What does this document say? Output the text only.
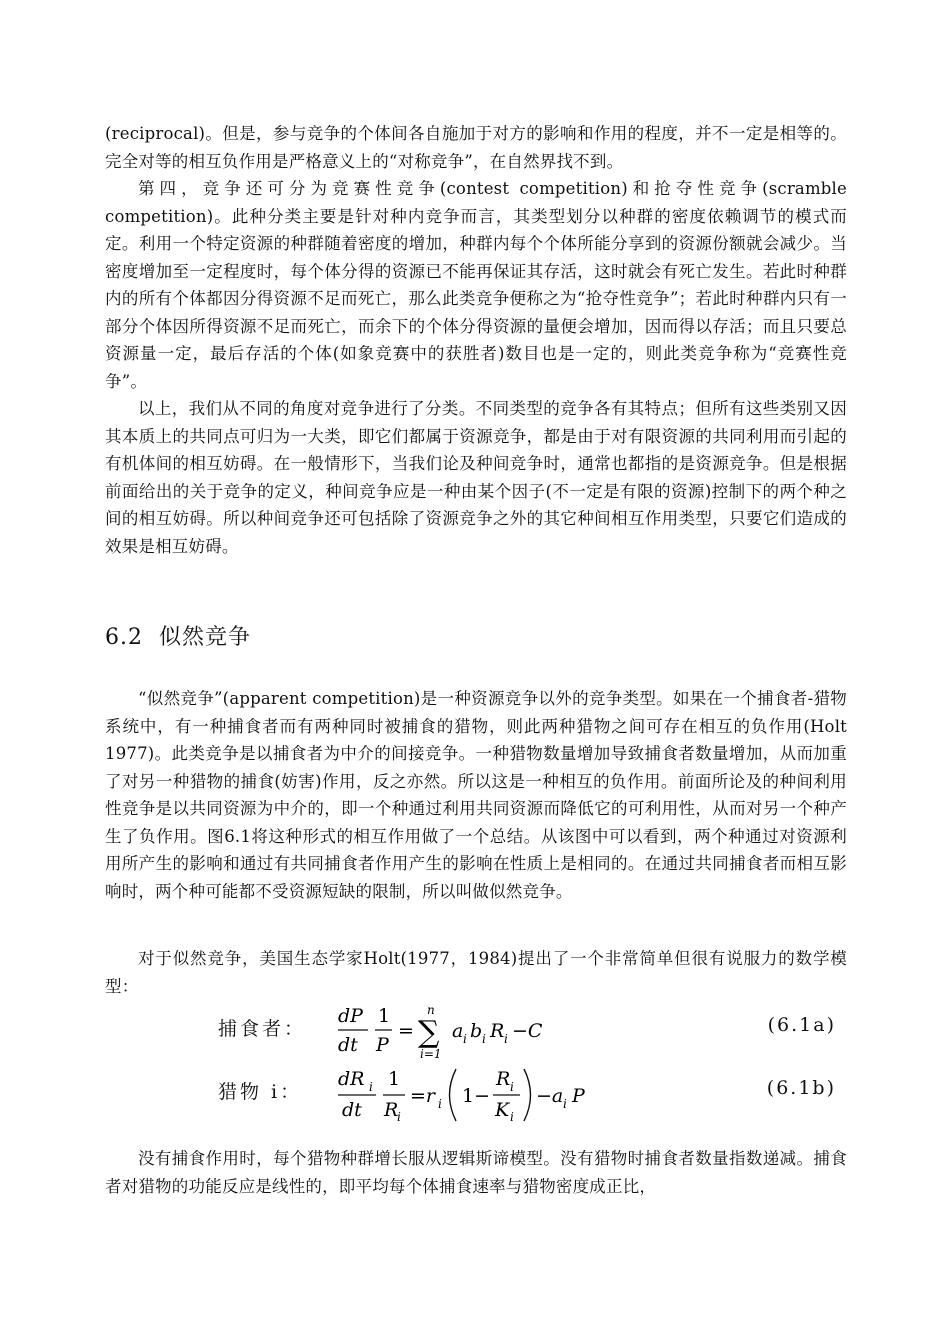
(reciprocal)。但是，参与竞争的个体间各自施加于对方的影响和作用的程度，并不一定是相等的。完全对等的相互负作用是严格意义上的“对称竞争”，在自然界找不到。

第四，竞争还可分为竞赛性竞争(contest competition)和抢夺性竞争(scramble competition)。此种分类主要是针对种内竞争而言，其类型划分以种群的密度依赖调节的模式而定。利用一个特定资源的种群随着密度的增加，种群内每个个体所能分享到的资源份额就会减少。当密度增加至一定程度时，每个体分得的资源已不能再保证其存活，这时就会有死亡发生。若此时种群内的所有个体都因分得资源不足而死亡，那么此类竞争便称之为“抢夺性竞争”；若此时种群内只有一部分个体因所得资源不足而死亡，而余下的个体分得资源的量便会增加，因而得以存活；而且只要总资源量一定，最后存活的个体(如象竞赛中的获胜者)数目也是一定的，则此类竞争称为“竞赛性竞争”。

以上，我们从不同的角度对竞争进行了分类。不同类型的竞争各有其特点；但所有这些类别又因其本质上的共同点可归为一大类，即它们都属于资源竞争，都是由于对有限资源的共同利用而引起的有机体间的相互妨碍。在一般情形下，当我们论及种间竞争时，通常也都指的是资源竞争。但是根据前面给出的关于竞争的定义，种间竞争应是一种由某个因子(不一定是有限的资源)控制下的两个种之间的相互妨碍。所以种间竞争还可包括除了资源竞争之外的其它种间相互作用类型，只要它们造成的效果是相互妨碍。

6.2 似然竞争

“似然竞争”(apparent competition)是一种资源竞争以外的竞争类型。如果在一个捕食者-猎物系统中，有一种捕食者而有两种同时被捕食的猎物，则此两种猎物之间可存在相互的负作用(Holt 1977)。此类竞争是以捕食者为中介的间接竞争。一种猎物数量增加导致捕食者数量增加，从而加重了对另一种猎物的捕食(妨害)作用，反之亦然。所以这是一种相互的负作用。前面所论及的种间利用性竞争是以共同资源为中介的，即一个种通过利用共同资源而降低它的可利用性，从而对另一个种产生了负作用。图6.1将这种形式的相互作用做了一个总结。从该图中可以看到，两个种通过对资源利用所产生的影响和通过有共同捕食者作用产生的影响在性质上是相同的。在通过共同捕食者而相互影响时，两个种可能都不受资源短缺的限制，所以叫做似然竞争。

对于似然竞争，美国生态学家Holt(1977，1984)提出了一个非常简单但很有说服力的数学模型：

捕食者：
dP
dt
1
P
=
n
∑
i=1
a i b i R i −C	(6.1a)
猎物 i：
dR i
dt
1
R
i
=r i 1−
R i
K i
−a i P	(6.1b)

没有捕食作用时，每个猎物种群增长服从逻辑斯谛模型。没有猎物时捕食者数量指数递减。捕食者对猎物的功能反应是线性的，即平均每个体捕食速率与猎物密度成正比，
